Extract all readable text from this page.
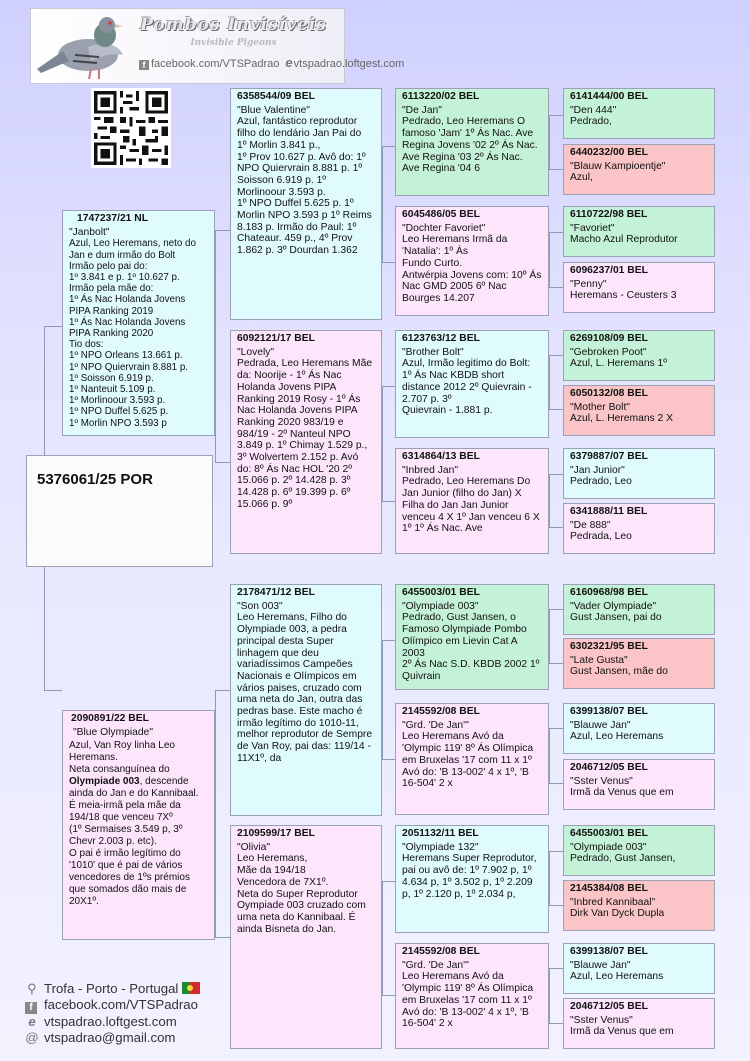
Pombos Invisíveis
Invisible Pigeons
f facebook.com/VTSPadrao evtspadrao.loftgest.com
5376061/25 POR
1747237/21 NL
"Janbolt"
Azul, Leo Heremans, neto do Jan e dum irmão do Bolt
Irmão pelo pai do:
1º 3.841 e p. 1º 10.627 p.
Irmão pela mãe do:
1º Ás Nac Holanda Jovens PIPA Ranking 2019
1º Ás Nac Holanda Jovens PIPA Ranking 2020
Tio dos:
1º NPO Orleans 13.661 p.
1º NPO Quiervrain 8.881 p.
1º Soisson 6.919 p.
1º Nanteuit 5.109 p.
1º Morlinoour 3.593 p.
1º NPO Duffel 5.625 p.
1º Morlin NPO 3.593 p
2090891/22 BEL
"Blue Olympiade"
Azul, Van Roy linha Leo Heremans.
Neta consanguínea do Olympiade 003, descende ainda do Jan e do Kannibaal.
É meia-irmã pela mãe da 194/18 que venceu 7Xº
(1º Sermaises 3.549 p, 3º Chevr 2.003 p. etc).
O pai é irmão legítimo do '1010' que é pai de vários vencedores de 1ºs prémios que somados dão mais de 20X1º.
6358544/09 BEL
"Blue Valentine"
Azul, fantástico reprodutor filho do lendário Jan Pai do
1º Morlin 3.841 p.,
1º Prov 10.627 p. Avô do: 1º NPO Quiervrain 8.881 p. 1º Soisson 6.919 p. 1º Morlinoour 3.593 p.
1º NPO Duffel 5.625 p. 1º Morlin NPO 3.593 p 1º Reims 8.183 p. Irmão do Paul: 1º Chateaur. 459 p., 4º Prov 1.862 p. 3º Dourdan 1.362
6092121/17 BEL
"Lovely"
Pedrada, Leo Heremans Mãe da: Noorije - 1º Ás Nac Holanda Jovens PIPA Ranking 2019 Rosy - 1º Ás Nac Holanda Jovens PIPA Ranking 2020 983/19 e 984/19 - 2º Nanteul NPO 3.849 p. 1º Chimay 1.529 p., 3º Wolvertem 2.152 p. Avó do: 8º Ás Nac HOL '20 2º 15.066 p. 2º 14.428 p. 3º 14.428 p. 6º 19.399 p. 6º 15.066 p. 9º
2178471/12 BEL
"Son 003"
Leo Heremans, Filho do Olympiade 003, a pedra principal desta Super linhagem que deu variadíssimos Campeões Nacionais e Olímpicos em vários paises, cruzado com uma neta do Jan, outra das pedras base. Este macho é irmão legítimo do 1010-11, melhor reprodutor de Sempre de Van Roy, pai das: 119/14 - 11X1º, da
2109599/17 BEL
"Olivia"
Leo Heremans,
Mãe da 194/18
Vencedora de 7X1º.
Neta do Super Reprodutor Oympiade 003 cruzado com uma neta do Kannibaal. É ainda Bisneta do Jan.
6113220/02 BEL
"De Jan"
Pedrado, Leo Heremans O famoso 'Jam' 1º Ás Nac. Ave Regina Jovens '02 2º Ás Nac. Ave Regina '03 2º Ás Nac. Ave Regina '04 6
6045486/05 BEL
"Dochter Favoriet"
Leo Heremans Irmã da 'Natalia': 1º Ás
Fundo Curto.
Antwérpia Jovens com: 10º Ás Nac GMD 2005 6º Nac Bourges 14.207
6123763/12 BEL
"Brother Bolt"
Azul, Irmão legitimo do Bolt: 1º Ás Nac KBDB short distance 2012 2º Quievrain - 2.707 p. 3º
Quievrain - 1.881 p.
6314864/13 BEL
"Inbred Jan"
Pedrado, Leo Heremans Do Jan Junior (filho do Jan) X Filha do Jan Jan Junior venceu 4 X 1º Jan venceu 6 X 1º 1º Ás Nac. Ave
6455003/01 BEL
"Olympiade 003"
Pedrado, Gust Jansen, o Famoso Olympiade Pombo Olímpico em Lievin Cat A 2003
2º Ás Nac S.D. KBDB 2002 1º Quivrain
2145592/08 BEL
"Grd. 'De Jan'"
Leo Heremans Avó da 'Olympic 119' 8º Ás Olímpica em Bruxelas '17 com 11 x 1º Avó do: 'B 13-002' 4 x 1º, 'B 16-504' 2 x
2051132/11 BEL
"Olympiade 132"
Heremans Super Reprodutor, pai ou avô de: 1º 7.902 p, 1º 4.634 p, 1º 3.502 p, 1º 2.209 p, 1º 2.120 p, 1º 2.034 p,
2145592/08 BEL
"Grd. 'De Jan'"
Leo Heremans Avó da 'Olympic 119' 8º Ás Olímpica em Bruxelas '17 com 11 x 1º Avó do: 'B 13-002' 4 x 1º, 'B 16-504' 2 x
6141444/00 BEL
"Den 444"
Pedrado,
6440232/00 BEL
"Blauw Kampioentje"
Azul,
6110722/98 BEL
"Favoriet"
Macho Azul Reprodutor
6096237/01 BEL
"Penny"
Heremans - Ceusters 3
6269108/09 BEL
"Gebroken Poot"
Azul, L. Heremans 1º
6050132/08 BEL
"Mother Bolt"
Azul, L. Heremans 2 X
6379887/07 BEL
"Jan Junior"
Pedrado, Leo
6341888/11 BEL
"De 888"
Pedrada, Leo
6160968/98 BEL
"Vader Olympiade"
Gust Jansen, pai do
6302321/95 BEL
"Late Gusta"
Gust Jansen, mãe do
6399138/07 BEL
"Blauwe Jan"
Azul, Leo Heremans
2046712/05 BEL
"Sster Venus"
Irmã da Venus que em
6455003/01 BEL
"Olympiade 003"
Pedrado, Gust Jansen,
2145384/08 BEL
"Inbred Kannibaal"
Dirk Van Dyck Dupla
6399138/07 BEL
"Blauwe Jan"
Azul, Leo Heremans
2046712/05 BEL
"Sster Venus"
Irmã da Venus que em
⚲ Trofa - Porto - Portugal
f facebook.com/VTSPadrao
e vtspadrao.loftgest.com
@ vtspadrao@gmail.com
